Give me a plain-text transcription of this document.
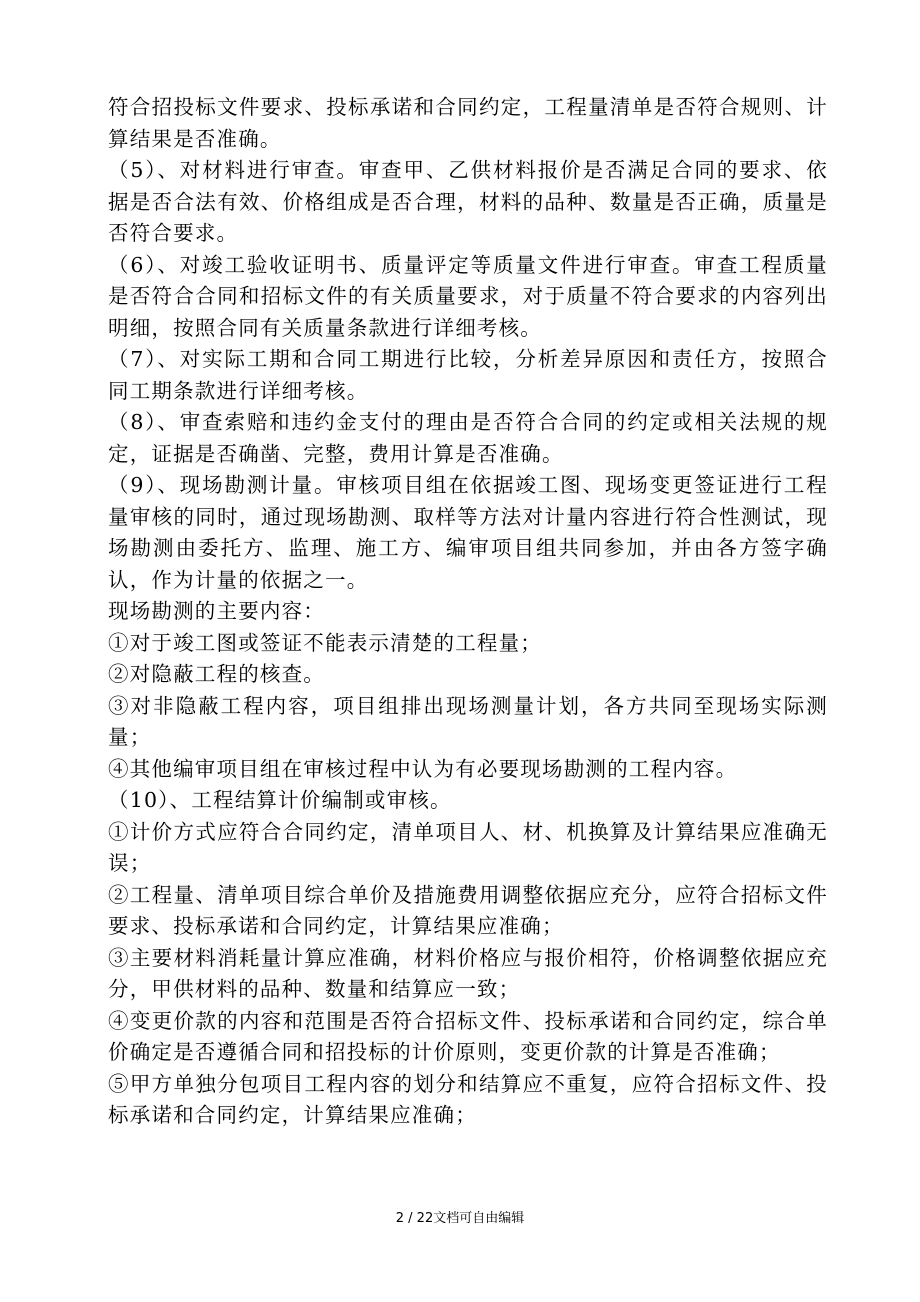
符合招投标文件要求、投标承诺和合同约定，工程量清单是否符合规则、计算结果是否准确。

（5）、对材料进行审查。审查甲、乙供材料报价是否满足合同的要求、依据是否合法有效、价格组成是否合理，材料的品种、数量是否正确，质量是否符合要求。

（6）、对竣工验收证明书、质量评定等质量文件进行审查。审查工程质量是否符合合同和招标文件的有关质量要求，对于质量不符合要求的内容列出明细，按照合同有关质量条款进行详细考核。

（7）、对实际工期和合同工期进行比较，分析差异原因和责任方，按照合同工期条款进行详细考核。

（8）、审查索赔和违约金支付的理由是否符合合同的约定或相关法规的规定，证据是否确凿、完整，费用计算是否准确。

（9）、现场勘测计量。审核项目组在依据竣工图、现场变更签证进行工程量审核的同时，通过现场勘测、取样等方法对计量内容进行符合性测试，现场勘测由委托方、监理、施工方、编审项目组共同参加，并由各方签字确认，作为计量的依据之一。

现场勘测的主要内容：

①对于竣工图或签证不能表示清楚的工程量；

②对隐蔽工程的核查。

③对非隐蔽工程内容，项目组排出现场测量计划，各方共同至现场实际测量；

④其他编审项目组在审核过程中认为有必要现场勘测的工程内容。

（10）、工程结算计价编制或审核。

①计价方式应符合合同约定，清单项目人、材、机换算及计算结果应准确无误；

②工程量、清单项目综合单价及措施费用调整依据应充分，应符合招标文件要求、投标承诺和合同约定，计算结果应准确；

③主要材料消耗量计算应准确，材料价格应与报价相符，价格调整依据应充分，甲供材料的品种、数量和结算应一致；

④变更价款的内容和范围是否符合招标文件、投标承诺和合同约定，综合单价确定是否遵循合同和招投标的计价原则，变更价款的计算是否准确；

⑤甲方单独分包项目工程内容的划分和结算应不重复，应符合招标文件、投标承诺和合同约定，计算结果应准确；

2 / 22文档可自由编辑
